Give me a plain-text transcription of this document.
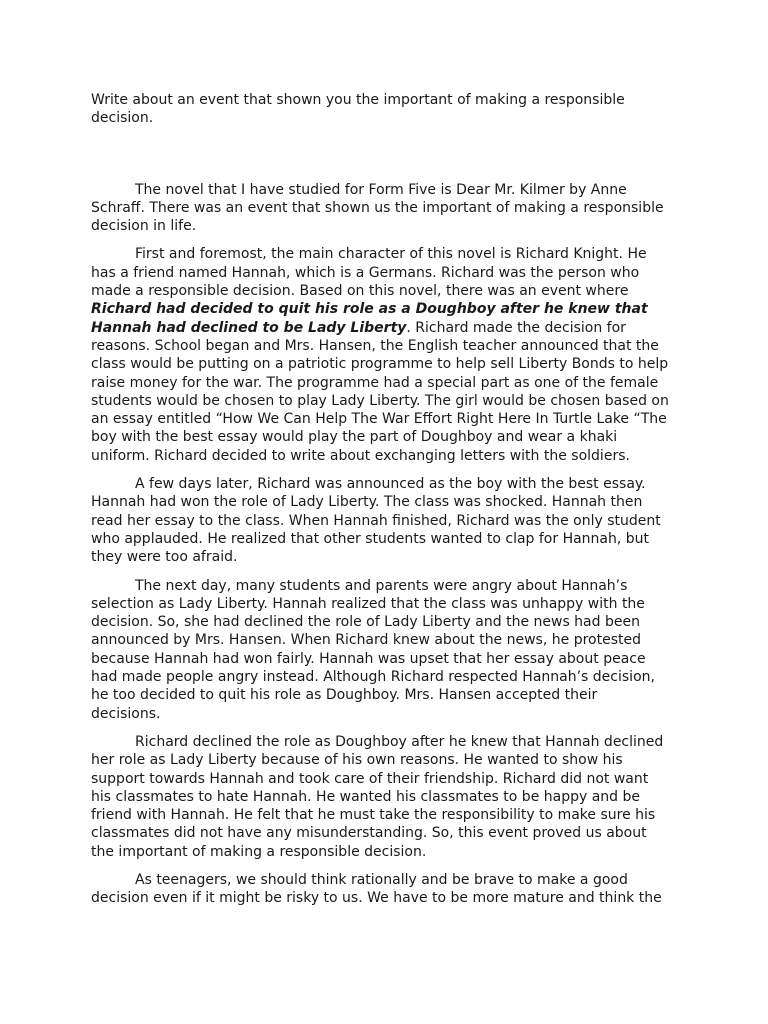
Write about an event that shown you the important of making a responsible decision.

The novel that I have studied for Form Five is Dear Mr. Kilmer by Anne Schraff. There was an event that shown us the important of making a responsible decision in life.

First and foremost, the main character of this novel is Richard Knight. He has a friend named Hannah, which is a Germans. Richard was the person who made a responsible decision. Based on this novel, there was an event where Richard had decided to quit his role as a Doughboy after he knew that Hannah had declined to be Lady Liberty. Richard made the decision for reasons. School began and Mrs. Hansen, the English teacher announced that the class would be putting on a patriotic programme to help sell Liberty Bonds to help raise money for the war. The programme had a special part as one of the female students would be chosen to play Lady Liberty. The girl would be chosen based on an essay entitled “How We Can Help The War Effort Right Here In Turtle Lake “The boy with the best essay would play the part of Doughboy and wear a khaki uniform. Richard decided to write about exchanging letters with the soldiers.

A few days later, Richard was announced as the boy with the best essay. Hannah had won the role of Lady Liberty. The class was shocked. Hannah then read her essay to the class. When Hannah finished, Richard was the only student who applauded. He realized that other students wanted to clap for Hannah, but they were too afraid.

The next day, many students and parents were angry about Hannah’s selection as Lady Liberty. Hannah realized that the class was unhappy with the decision. So, she had declined the role of Lady Liberty and the news had been announced by Mrs. Hansen. When Richard knew about the news, he protested because Hannah had won fairly. Hannah was upset that her essay about peace had made people angry instead. Although Richard respected Hannah’s decision, he too decided to quit his role as Doughboy. Mrs. Hansen accepted their decisions.

Richard declined the role as Doughboy after he knew that Hannah declined her role as Lady Liberty because of his own reasons. He wanted to show his support towards Hannah and took care of their friendship. Richard did not want his classmates to hate Hannah. He wanted his classmates to be happy and be friend with Hannah. He felt that he must take the responsibility to make sure his classmates did not have any misunderstanding. So, this event proved us about the important of making a responsible decision.

As teenagers, we should think rationally and be brave to make a good decision even if it might be risky to us. We have to be more mature and think the
